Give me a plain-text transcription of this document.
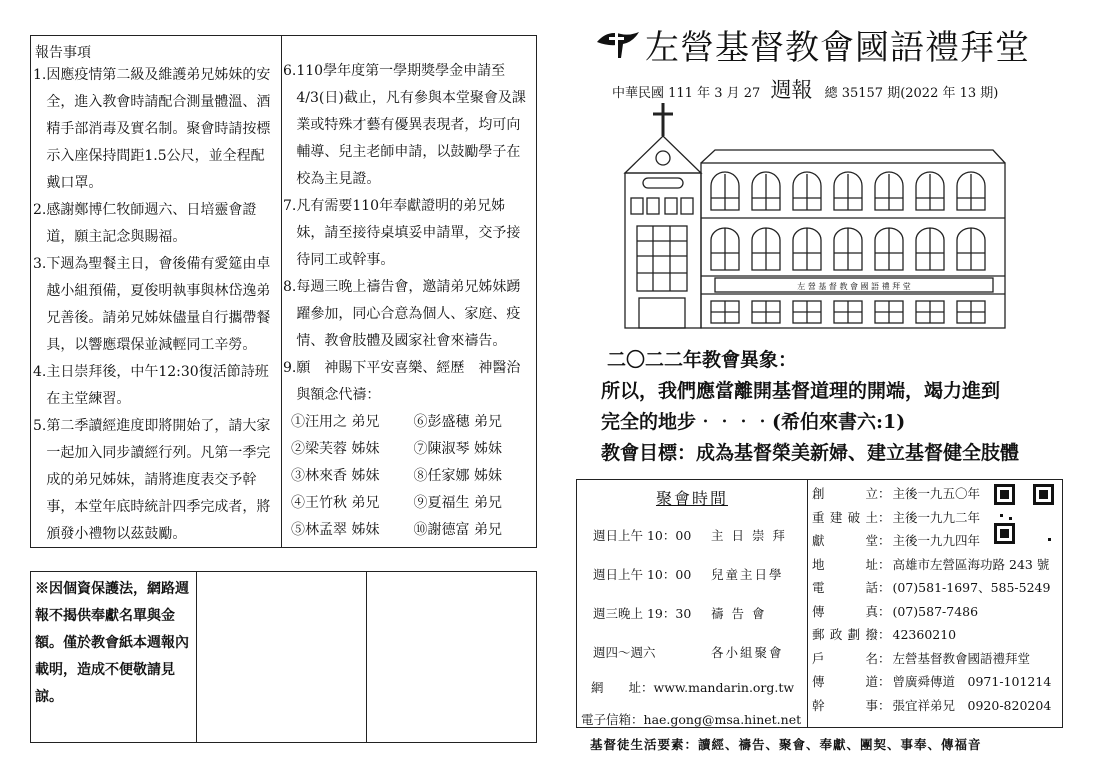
報告事項
1. 因應疫情第二級及維護弟兄姊妹的安全，進入教會時請配合測量體溫、酒精手部消毒及實名制。聚會時請按標示入座保持間距1.5公尺，並全程配戴口罩。
2. 感謝鄭博仁牧師週六、日培靈會證道，願主記念與賜福。
3. 下週為聖餐主日，會後備有愛筵由卓越小組預備，夏俊明執事與林岱逸弟兄善後。請弟兄姊妹儘量自行攜帶餐具，以響應環保並減輕同工辛勞。
4. 主日崇拜後，中午12:30復活節詩班在主堂練習。
5. 第二季讀經進度即將開始了，請大家一起加入同步讀經行列。凡第一季完成的弟兄姊妹，請將進度表交予幹事，本堂年底時統計四季完成者，將頒發小禮物以茲鼓勵。
6. 110學年度第一學期獎學金申請至4/3(日)截止，凡有參與本堂聚會及課業或特殊才藝有優異表現者，均可向輔導、兒主老師申請，以鼓勵學子在校為主見證。
7. 凡有需要110年奉獻證明的弟兄姊妹，請至接待桌填妥申請單，交予接待同工或幹事。
8. 每週三晚上禱告會，邀請弟兄姊妹踴躍參加，同心合意為個人、家庭、疫情、教會肢體及國家社會來禱告。
9. 願　神賜下平安喜樂、經歷　神醫治與額念代禱：
①汪用之 弟兄	⑥彭盛穗 弟兄
②梁芙蓉 姊妹	⑦陳淑琴 姊妹
③林來香 姊妹	⑧任家娜 姊妹
④王竹秋 弟兄	⑨夏福生 弟兄
⑤林孟翠 姊妹	⑩謝德富 弟兄
※因個資保護法，網路週報不揭供奉獻名單與金額。僅於教會紙本週報內載明，造成不便敬請見諒。
左營基督教會國語禮拜堂
中華民國 111 年 3 月 27 週報 總 35157 期(2022 年 13 期)
左 營 基 督 教 會 國 語 禮 拜 堂
二〇二二年教會異象：
所以，我們應當離開基督道理的開端，竭力進到
完全的地步‧‧‧‧(希伯來書六:1)
教會目標：成為基督榮美新婦、建立基督健全肢體
聚會時間
週日上午 10：00	主 日 崇 拜
週日上午 10：00	兒童主日學
週三晚上 19：30	禱 告 會
週四～週六	各小組聚會
網　　址： www.mandarin.org.tw
電子信箱： hae.gong@msa.hinet.net
創	立 ： 主後一九五〇年
重 建 破 土 ： 主後一九九二年
獻	堂 ： 主後一九九四年
地	址 ： 高雄市左營區海功路 243 號
電	話 ： (07)581-1697、585-5249
傳	真 ： (07)587-7486
郵 政 劃 撥 ： 42360210
戶	名 ： 左營基督教會國語禮拜堂
傳	道 ： 曾廣舜傳道　0971-101214
幹	事 ： 張宜祥弟兄　0920-820204
基督徒生活要素：讀經、禱告、聚會、奉獻、團契、事奉、傳福音
